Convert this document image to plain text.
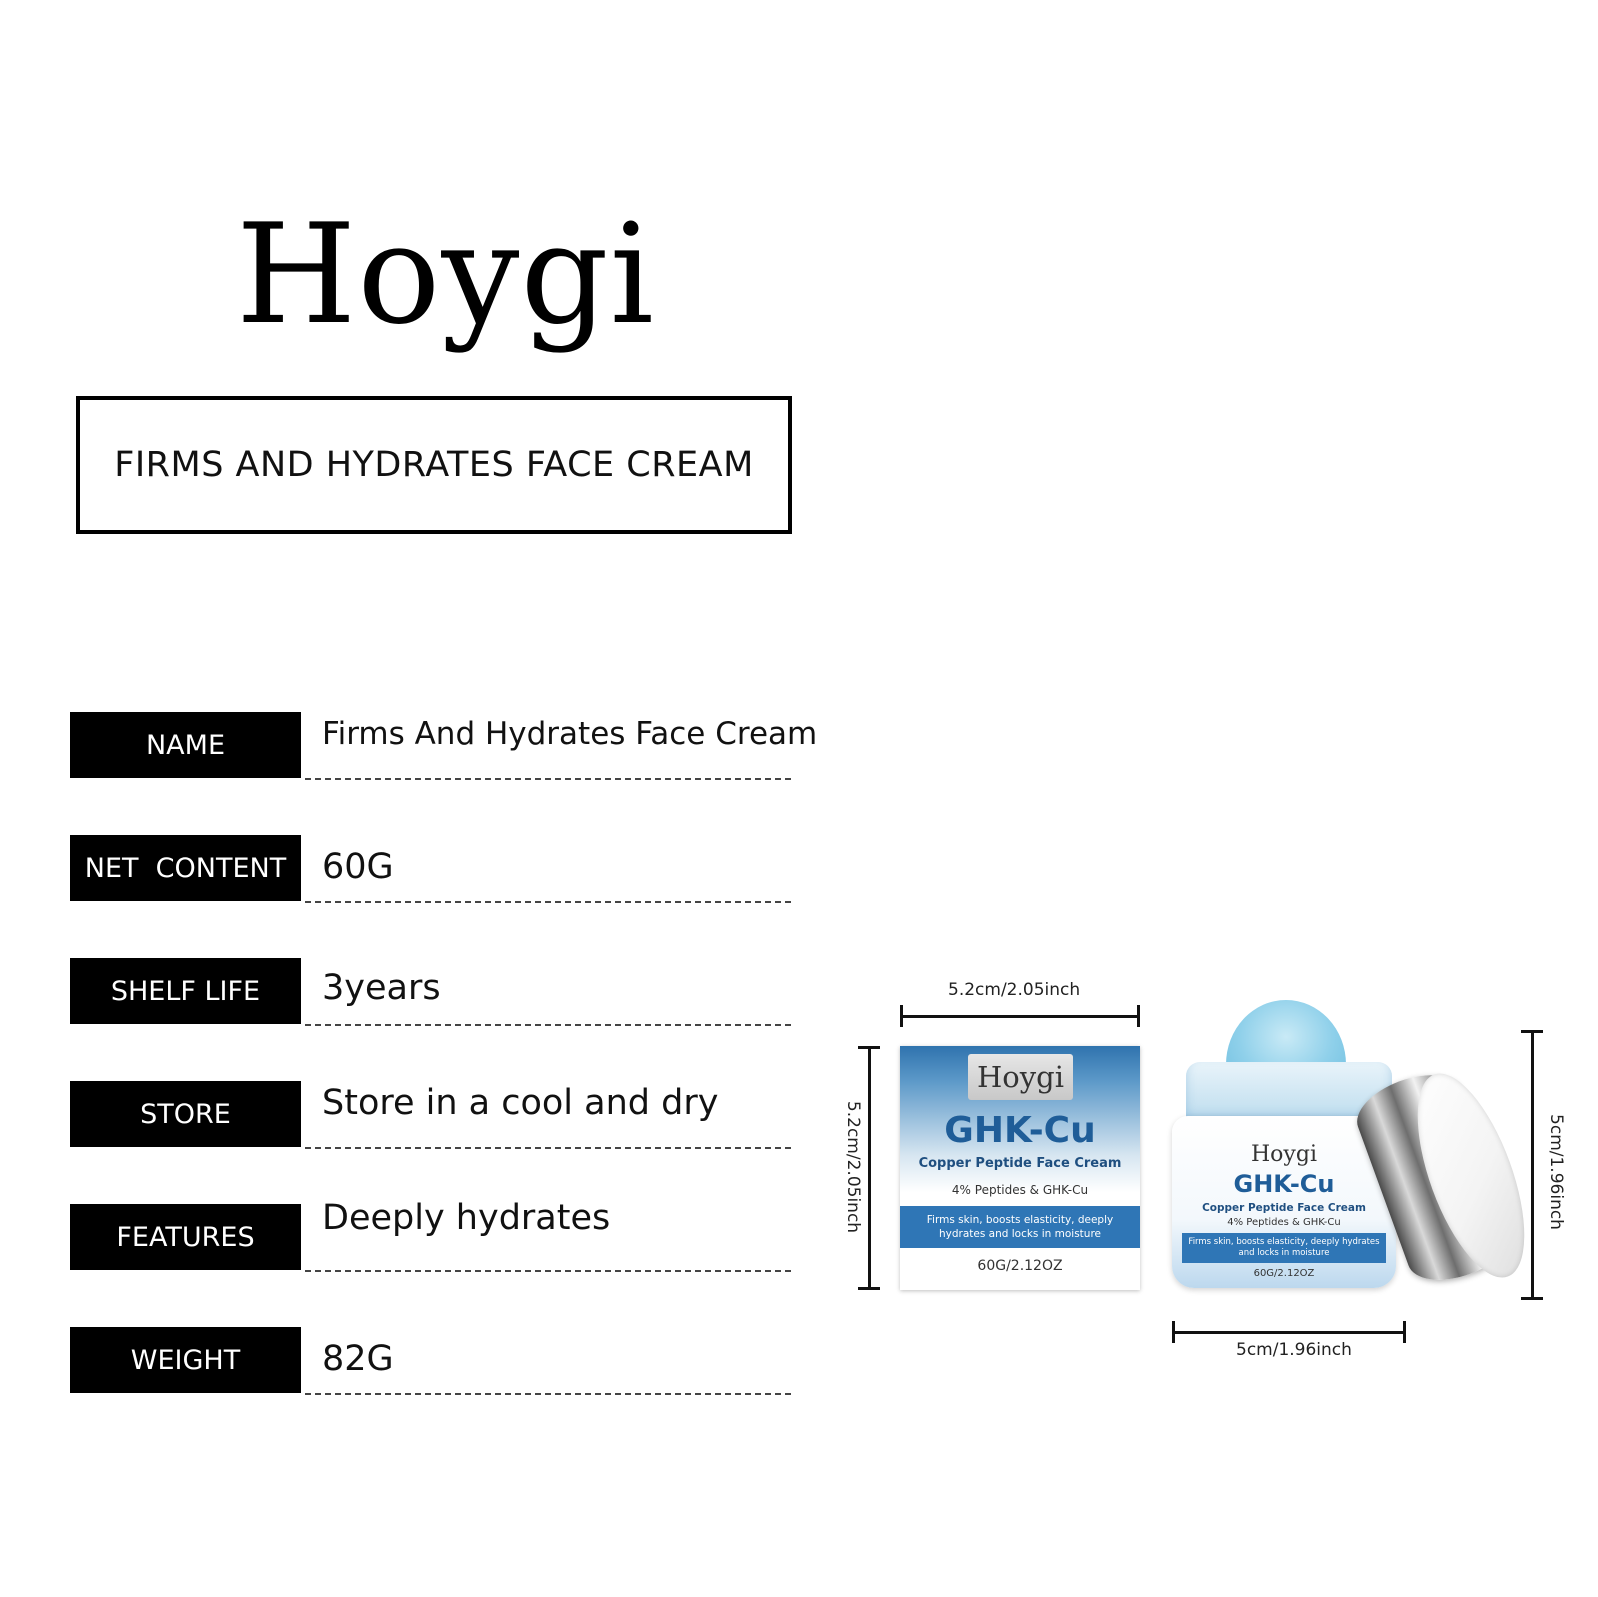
Hoygi
FIRMS AND HYDRATES FACE CREAM
NAME	Firms And Hydrates Face Cream
NET  CONTENT	60G
SHELF LIFE	3years
STORE	Store in a cool and dry
FEATURES	Deeply hydrates
WEIGHT	82G
5.2cm/2.05inch
5.2cm/2.05inch
Hoygi
GHK-Cu
Copper Peptide Face Cream
4% Peptides & GHK-Cu
Firms skin, boosts elasticity, deeply hydrates and locks in moisture
60G/2.12OZ
Hoygi
GHK-Cu
Copper Peptide Face Cream
4% Peptides & GHK-Cu
Firms skin, boosts elasticity, deeply hydrates and locks in moisture
60G/2.12OZ
5cm/1.96inch
5cm/1.96inch
